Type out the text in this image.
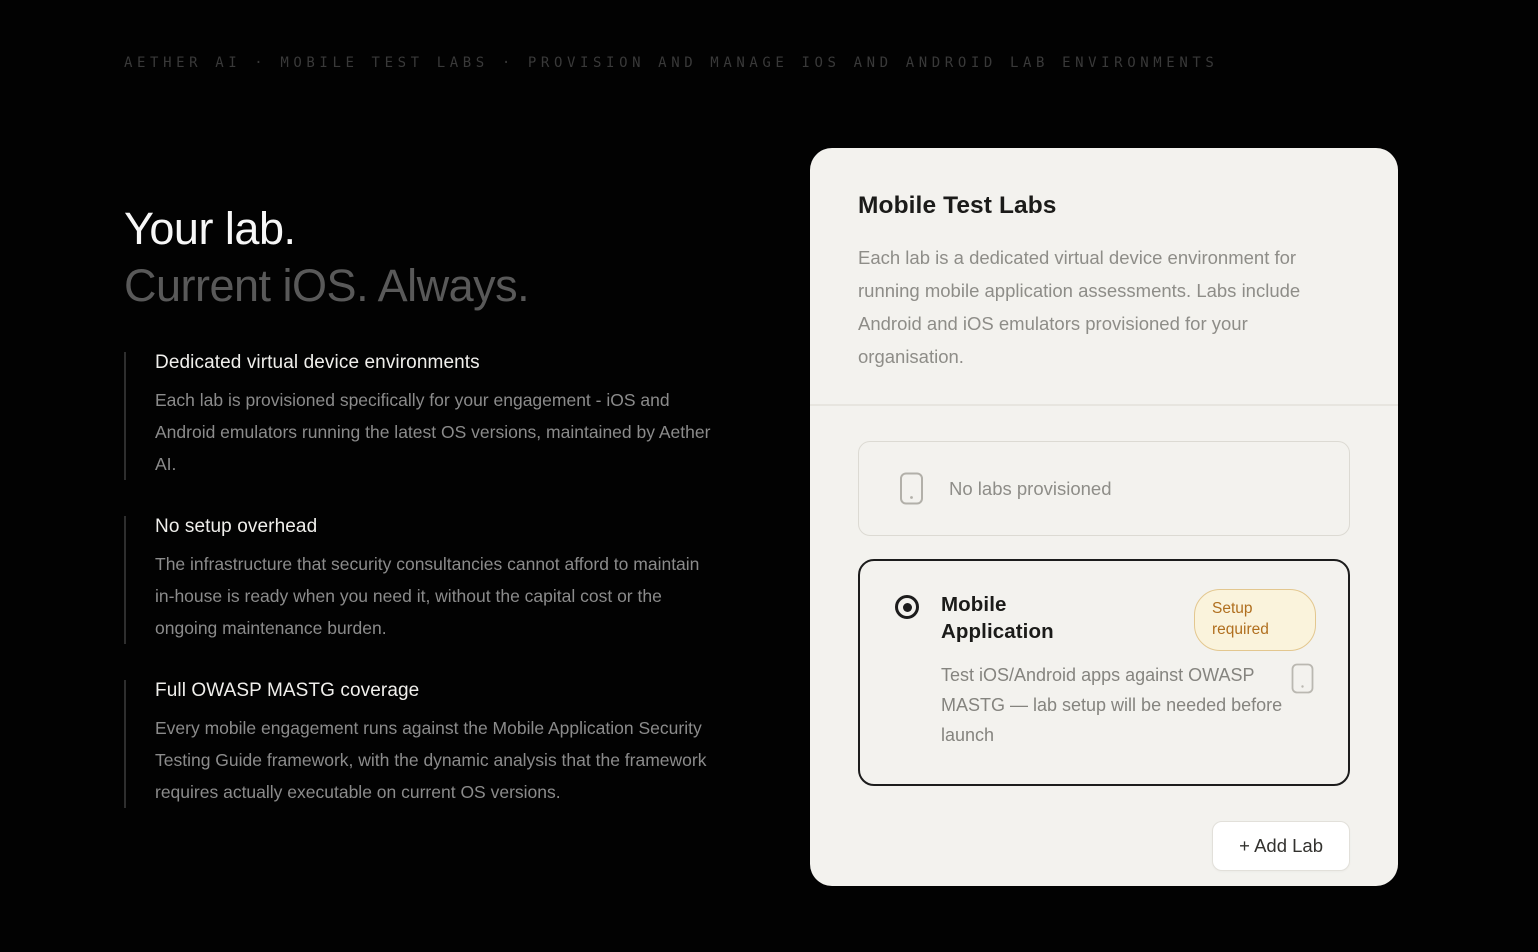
AETHER AI · MOBILE TEST LABS · PROVISION AND MANAGE IOS AND ANDROID LAB ENVIRONMENTS
Your lab.
Current iOS. Always.
Dedicated virtual device environments

Each lab is provisioned specifically for your engagement - iOS and Android emulators running the latest OS versions, maintained by Aether AI.

No setup overhead

The infrastructure that security consultancies cannot afford to maintain in-house is ready when you need it, without the capital cost or the ongoing maintenance burden.

Full OWASP MASTG coverage

Every mobile engagement runs against the Mobile Application Security Testing Guide framework, with the dynamic analysis that the framework requires actually executable on current OS versions.

Mobile Test Labs

Each lab is a dedicated virtual device environment for running mobile application assessments. Labs include Android and iOS emulators provisioned for your organisation.

No labs provisioned
Mobile Application
Setup required

Test iOS/Android apps against OWASP MASTG — lab setup will be needed before launch

+ Add Lab
